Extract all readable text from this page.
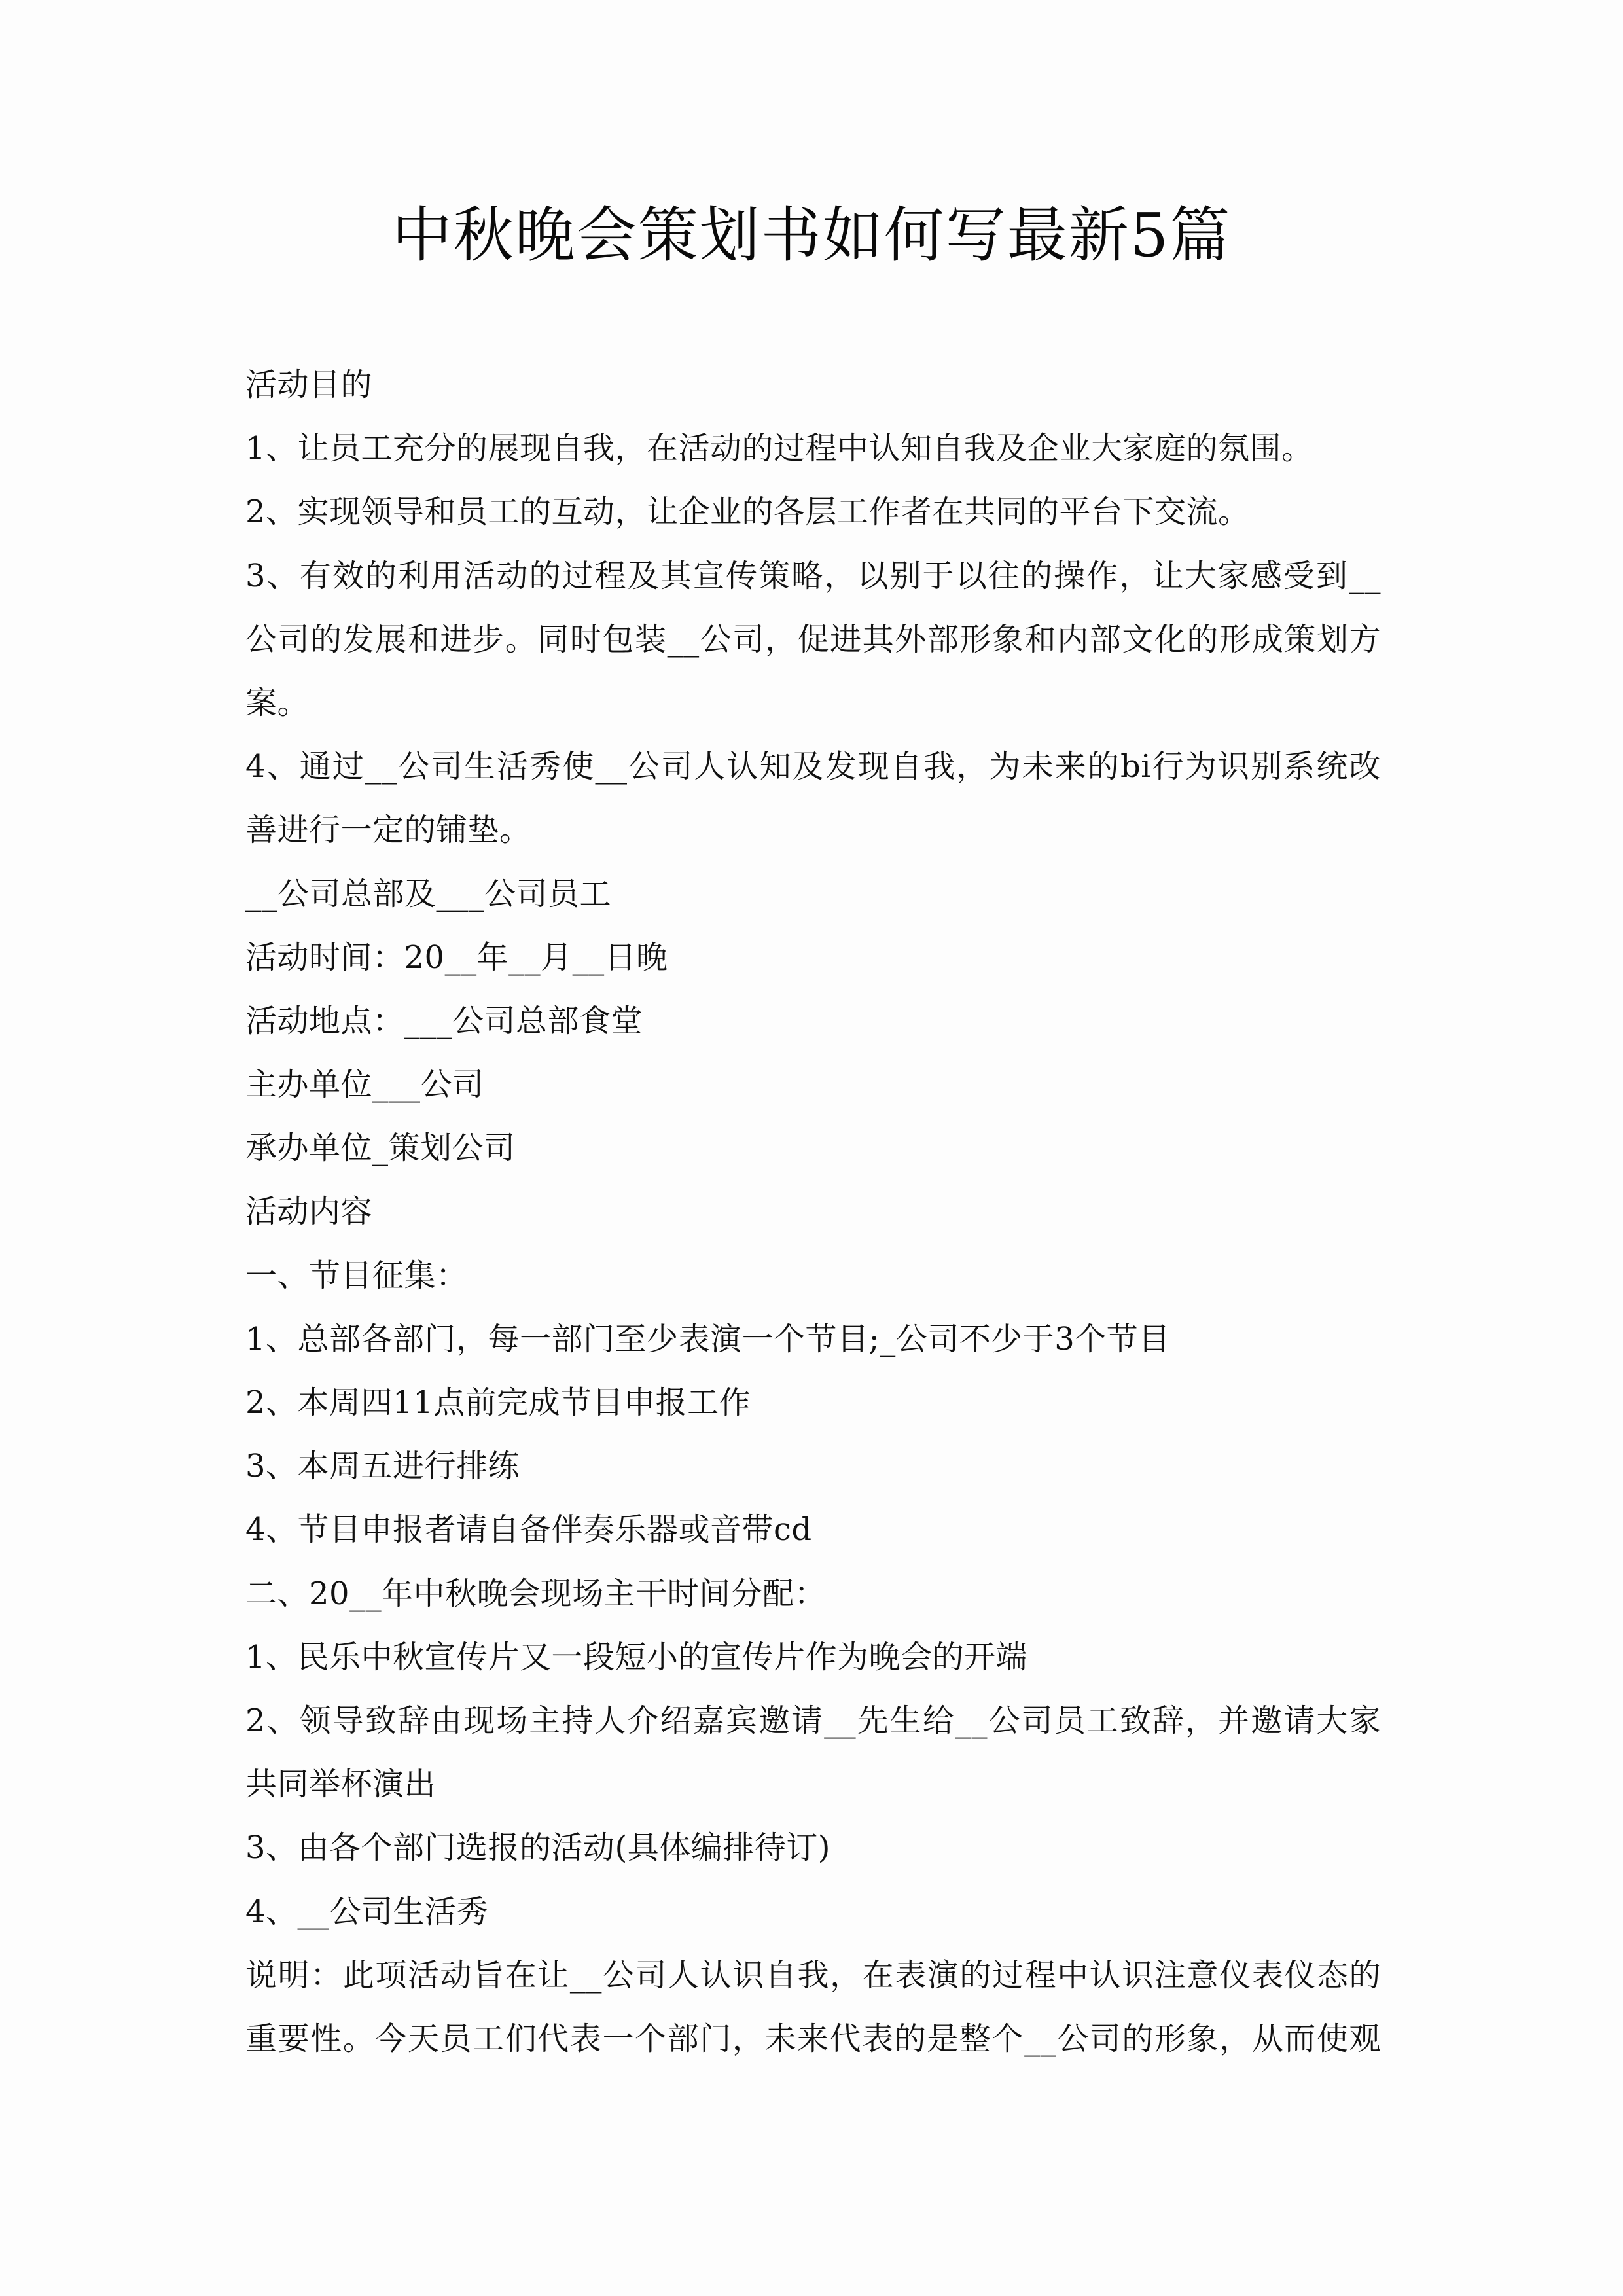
中秋晚会策划书如何写最新5篇
活动目的
1、让员工充分的展现自我，在活动的过程中认知自我及企业大家庭的氛围。
2、实现领导和员工的互动，让企业的各层工作者在共同的平台下交流。
3、有效的利用活动的过程及其宣传策略，以别于以往的操作，让大家感受到__
公司的发展和进步。同时包装__公司，促进其外部形象和内部文化的形成策划方
案。
4、通过__公司生活秀使__公司人认知及发现自我，为未来的bi行为识别系统改
善进行一定的铺垫。
__公司总部及___公司员工
活动时间：20__年__月__日晚
活动地点：___公司总部食堂
主办单位___公司
承办单位_策划公司
活动内容
一、节目征集：
1、总部各部门，每一部门至少表演一个节目;_公司不少于3个节目
2、本周四11点前完成节目申报工作
3、本周五进行排练
4、节目申报者请自备伴奏乐器或音带cd
二、20__年中秋晚会现场主干时间分配：
1、民乐中秋宣传片又一段短小的宣传片作为晚会的开端
2、领导致辞由现场主持人介绍嘉宾邀请__先生给__公司员工致辞，并邀请大家
共同举杯演出
3、由各个部门选报的活动(具体编排待订)
4、__公司生活秀
说明：此项活动旨在让__公司人认识自我，在表演的过程中认识注意仪表仪态的
重要性。今天员工们代表一个部门，未来代表的是整个__公司的形象，从而使观
